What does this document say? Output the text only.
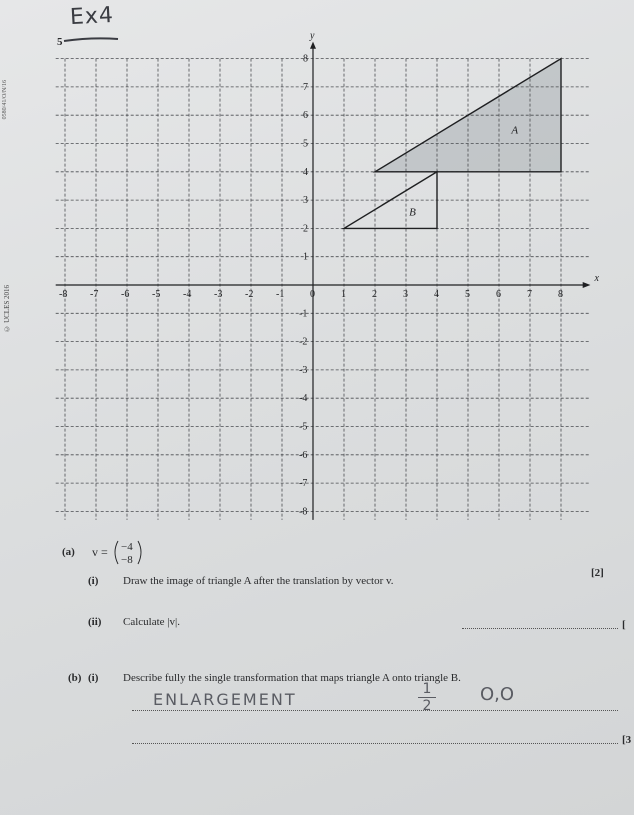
Ex4
5
0580/41/O/N/16
© UCLES 2016
x
y
-8 -7 -6 -5 -4 -3 -2 -1	0	1	2	3	4	5	6	7	8
8
7
6
5
4
3
2
1
-1
-2
-3
-4
-5
-6
-7
-8
A
B
(a) v = −4
−8
(i) Draw the image of triangle A after the translation by vector v.
[2]
(ii) Calculate |v|.	[
(b) (i) Describe fully the single transformation that maps triangle A onto triangle B.
ENLARGEMENT
1
2
O,O
[3
